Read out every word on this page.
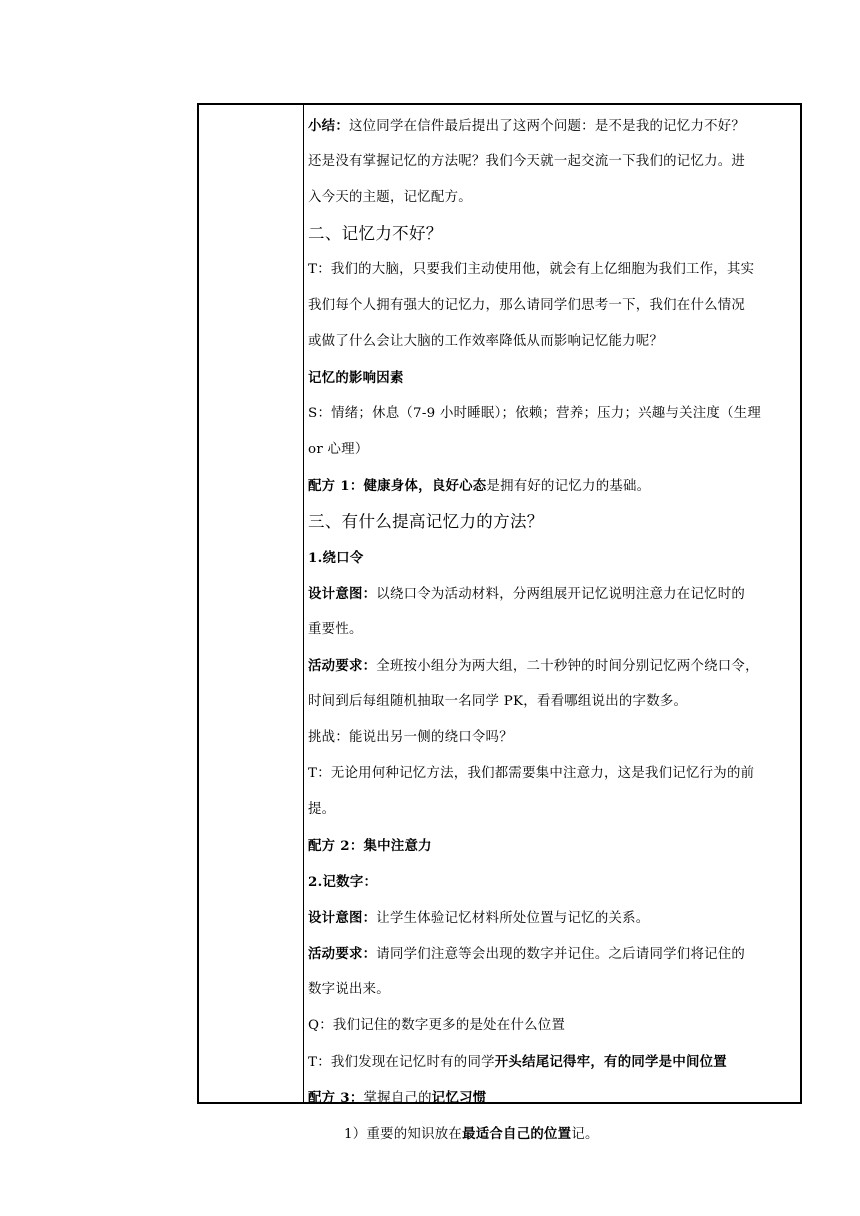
小结：这位同学在信件最后提出了这两个问题：是不是我的记忆力不好？
还是没有掌握记忆的方法呢？我们今天就一起交流一下我们的记忆力。进
入今天的主题，记忆配方。
二、记忆力不好？
T：我们的大脑，只要我们主动使用他，就会有上亿细胞为我们工作，其实
我们每个人拥有强大的记忆力，那么请同学们思考一下，我们在什么情况
或做了什么会让大脑的工作效率降低从而影响记忆能力呢？
记忆的影响因素
S：情绪；休息（7-9 小时睡眠）；依赖；营养；压力；兴趣与关注度（生理
or 心理）
配方 1：健康身体，良好心态是拥有好的记忆力的基础。
三、有什么提高记忆力的方法？
1.绕口令
设计意图：以绕口令为活动材料，分两组展开记忆说明注意力在记忆时的
重要性。
活动要求：全班按小组分为两大组，二十秒钟的时间分别记忆两个绕口令，
时间到后每组随机抽取一名同学 PK，看看哪组说出的字数多。
挑战：能说出另一侧的绕口令吗？
T：无论用何种记忆方法，我们都需要集中注意力，这是我们记忆行为的前
提。
配方 2：集中注意力
2.记数字：
设计意图：让学生体验记忆材料所处位置与记忆的关系。
活动要求：请同学们注意等会出现的数字并记住。之后请同学们将记住的
数字说出来。
Q：我们记住的数字更多的是处在什么位置
T：我们发现在记忆时有的同学开头结尾记得牢，有的同学是中间位置
配方 3：掌握自己的记忆习惯
1）重要的知识放在最适合自己的位置记。
